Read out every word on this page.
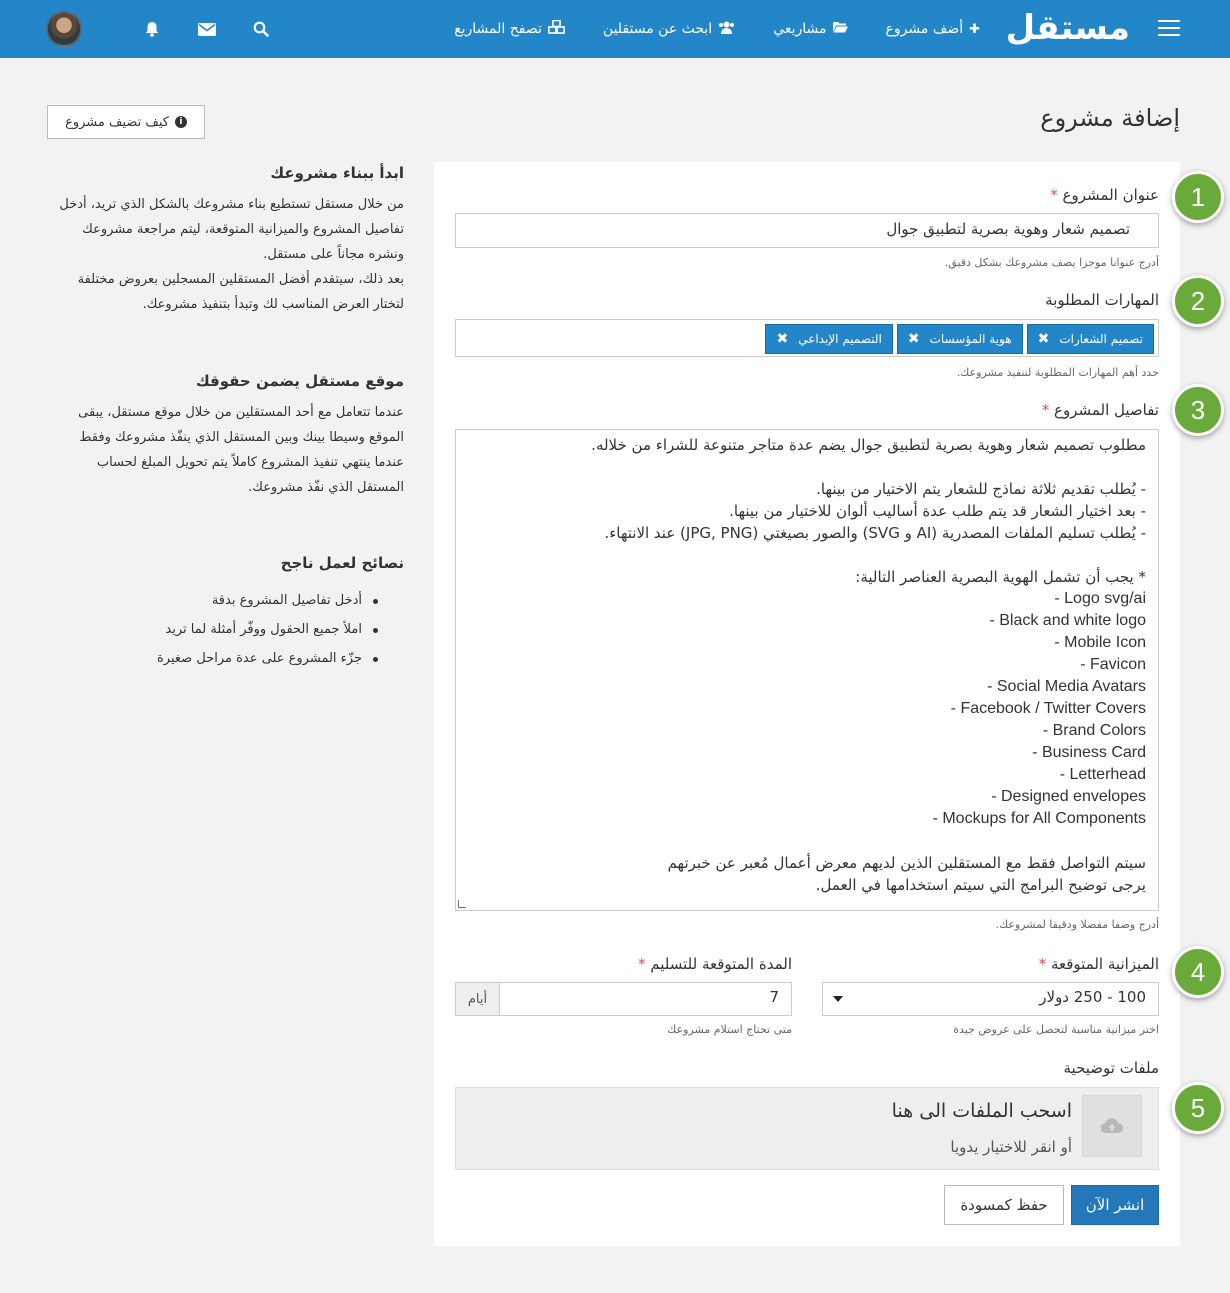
مستقل
✚
أضف مشروع
مشاريعي
ابحث عن مستقلين
تصفح المشاريع
إضافة مشروع
i
كيف تضيف مشروع
عنوان المشروع *
تصميم شعار وهوية بصرية لتطبيق جوال
أدرج عنوانا موجزا يصف مشروعك بشكل دقيق.
1
المهارات المطلوبة
تصميم الشعارات
✖
هوية المؤسسات
✖
التصميم الإبداعي
✖
حدد أهم المهارات المطلوبة لتنفيذ مشروعك.
2
تفاصيل المشروع *
مطلوب تصميم شعار وهوية بصرية لتطبيق جوال يضم عدة متاجر متنوعة للشراء من خلاله.
- يُطلب تقديم ثلاثة نماذج للشعار يتم الاختيار من بينها.
- بعد اختيار الشعار قد يتم طلب عدة أساليب ألوان للاختيار من بينها.
- يُطلب تسليم الملفات المصدرية (AI و SVG) والصور بصيغتي (JPG, PNG) عند الانتهاء.
* يجب أن تشمل الهوية البصرية العناصر التالية:
Logo svg/ai -
Black and white logo -
Mobile Icon -
Favicon -
Social Media Avatars -
Facebook / Twitter Covers -
Brand Colors -
Business Card -
Letterhead -
Designed envelopes -
Mockups for All Components -
سيتم التواصل فقط مع المستقلين الذين لديهم معرض أعمال مُعبر عن خبرتهم
يرجى توضيح البرامج التي سيتم استخدامها في العمل.
أدرج وصفا مفصلا ودقيقا لمشروعك.
3
الميزانية المتوقعة *
100 - 250 دولار
اختر ميزانية مناسبة لتحصل على عروض جيدة
المدة المتوقعة للتسليم *
7
أيام
متى تحتاج استلام مشروعك
4
ملفات توضيحية
اسحب الملفات الى هنا
أو انقر للاختيار يدويا
5
انشر الآن
حفظ كمسودة
ابدأ ببناء مشروعك

من خلال مستقل تستطيع بناء مشروعك بالشكل الذي تريد، أدخل تفاصيل المشروع والميزانية المتوقعة، ليتم مراجعة مشروعك ونشره مجاناً على مستقل.

بعد ذلك، سيتقدم أفضل المستقلين المسجلين بعروض مختلفة لتختار العرض المناسب لك وتبدأ بتنفيذ مشروعك.

موقع مستقل يضمن حقوقك

عندما تتعامل مع أحد المستقلين من خلال موقع مستقل، يبقى الموقع وسيطا بينك وبين المستقل الذي ينفّذ مشروعك وفقط عندما ينتهي تنفيذ المشروع كاملاً يتم تحويل المبلغ لحساب المستقل الذي نفّذ مشروعك.

نصائح لعمل ناجح
أدخل تفاصيل المشروع بدقة
املأ جميع الحقول ووفّر أمثلة لما تريد
جزّء المشروع على عدة مراحل صغيرة
